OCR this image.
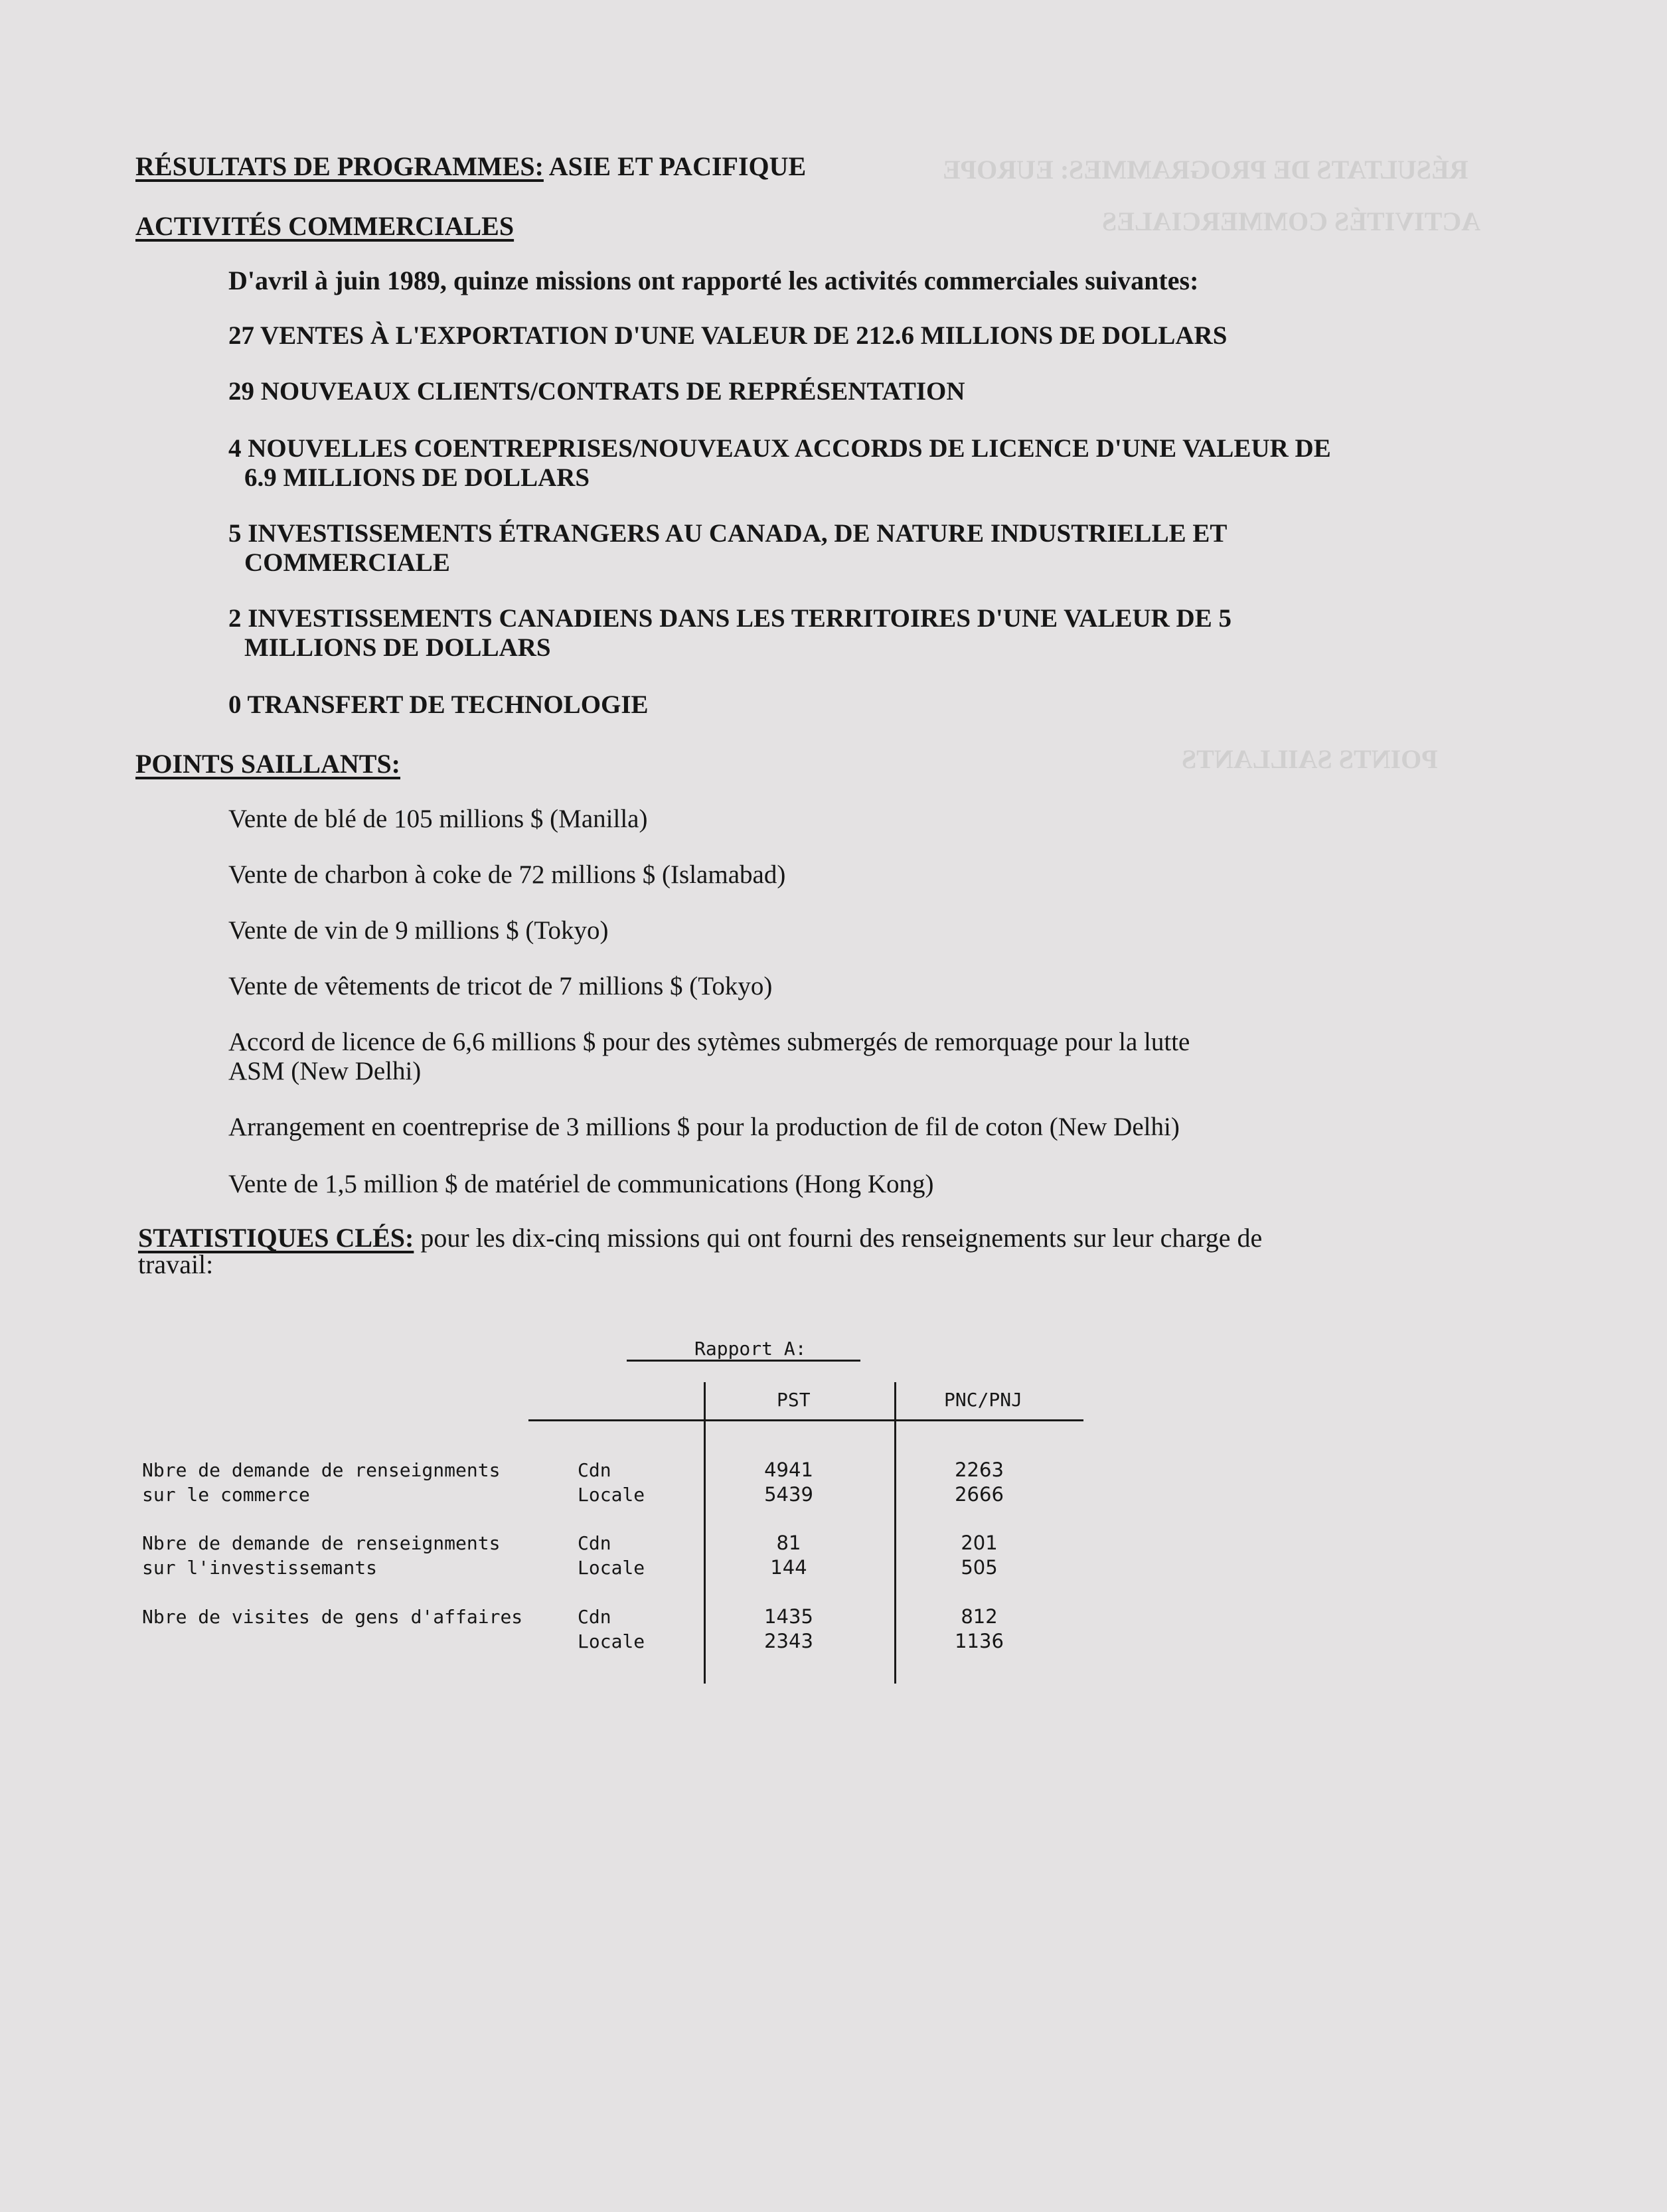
RÉSULTATS DE PROGRAMMES: EUROPE
ACTIVITÉS COMMERCIALES
POINTS SAILLANTS
RÉSULTATS DE PROGRAMMES: ASIE ET PACIFIQUE
ACTIVITÉS COMMERCIALES
D'avril à juin 1989, quinze missions ont rapporté les activités commerciales suivantes:
27 VENTES À L'EXPORTATION D'UNE VALEUR DE 212.6 MILLIONS DE DOLLARS
29 NOUVEAUX CLIENTS/CONTRATS DE REPRÉSENTATION
4 NOUVELLES COENTREPRISES/NOUVEAUX ACCORDS DE LICENCE D'UNE VALEUR DE 6.9 MILLIONS DE DOLLARS
5 INVESTISSEMENTS ÉTRANGERS AU CANADA, DE NATURE INDUSTRIELLE ET COMMERCIALE
2 INVESTISSEMENTS CANADIENS DANS LES TERRITOIRES D'UNE VALEUR DE 5 MILLIONS DE DOLLARS
0 TRANSFERT DE TECHNOLOGIE
POINTS SAILLANTS:
Vente de blé de 105 millions $ (Manilla)
Vente de charbon à coke de 72 millions $ (Islamabad)
Vente de vin de 9 millions $ (Tokyo)
Vente de vêtements de tricot de 7 millions $ (Tokyo)
Accord de licence de 6,6 millions $ pour des sytèmes submergés de remorquage pour la lutte ASM (New Delhi)
Arrangement en coentreprise de 3 millions $ pour la production de fil de coton (New Delhi)
Vente de 1,5 million $ de matériel de communications (Hong Kong)
STATISTIQUES CLÉS: pour les dix-cinq missions qui ont fourni des renseignements sur leur charge de travail:
Rapport A:
PST	PNC/PNJ
Nbre de demande de renseignments
sur le commerce
Cdn
Locale
4941
5439
2263
2666
Nbre de demande de renseignments
sur l'investissemants
Cdn
Locale
81
144
201
505
Nbre de visites de gens d'affaires	Cdn
Locale
1435
2343
812
1136
